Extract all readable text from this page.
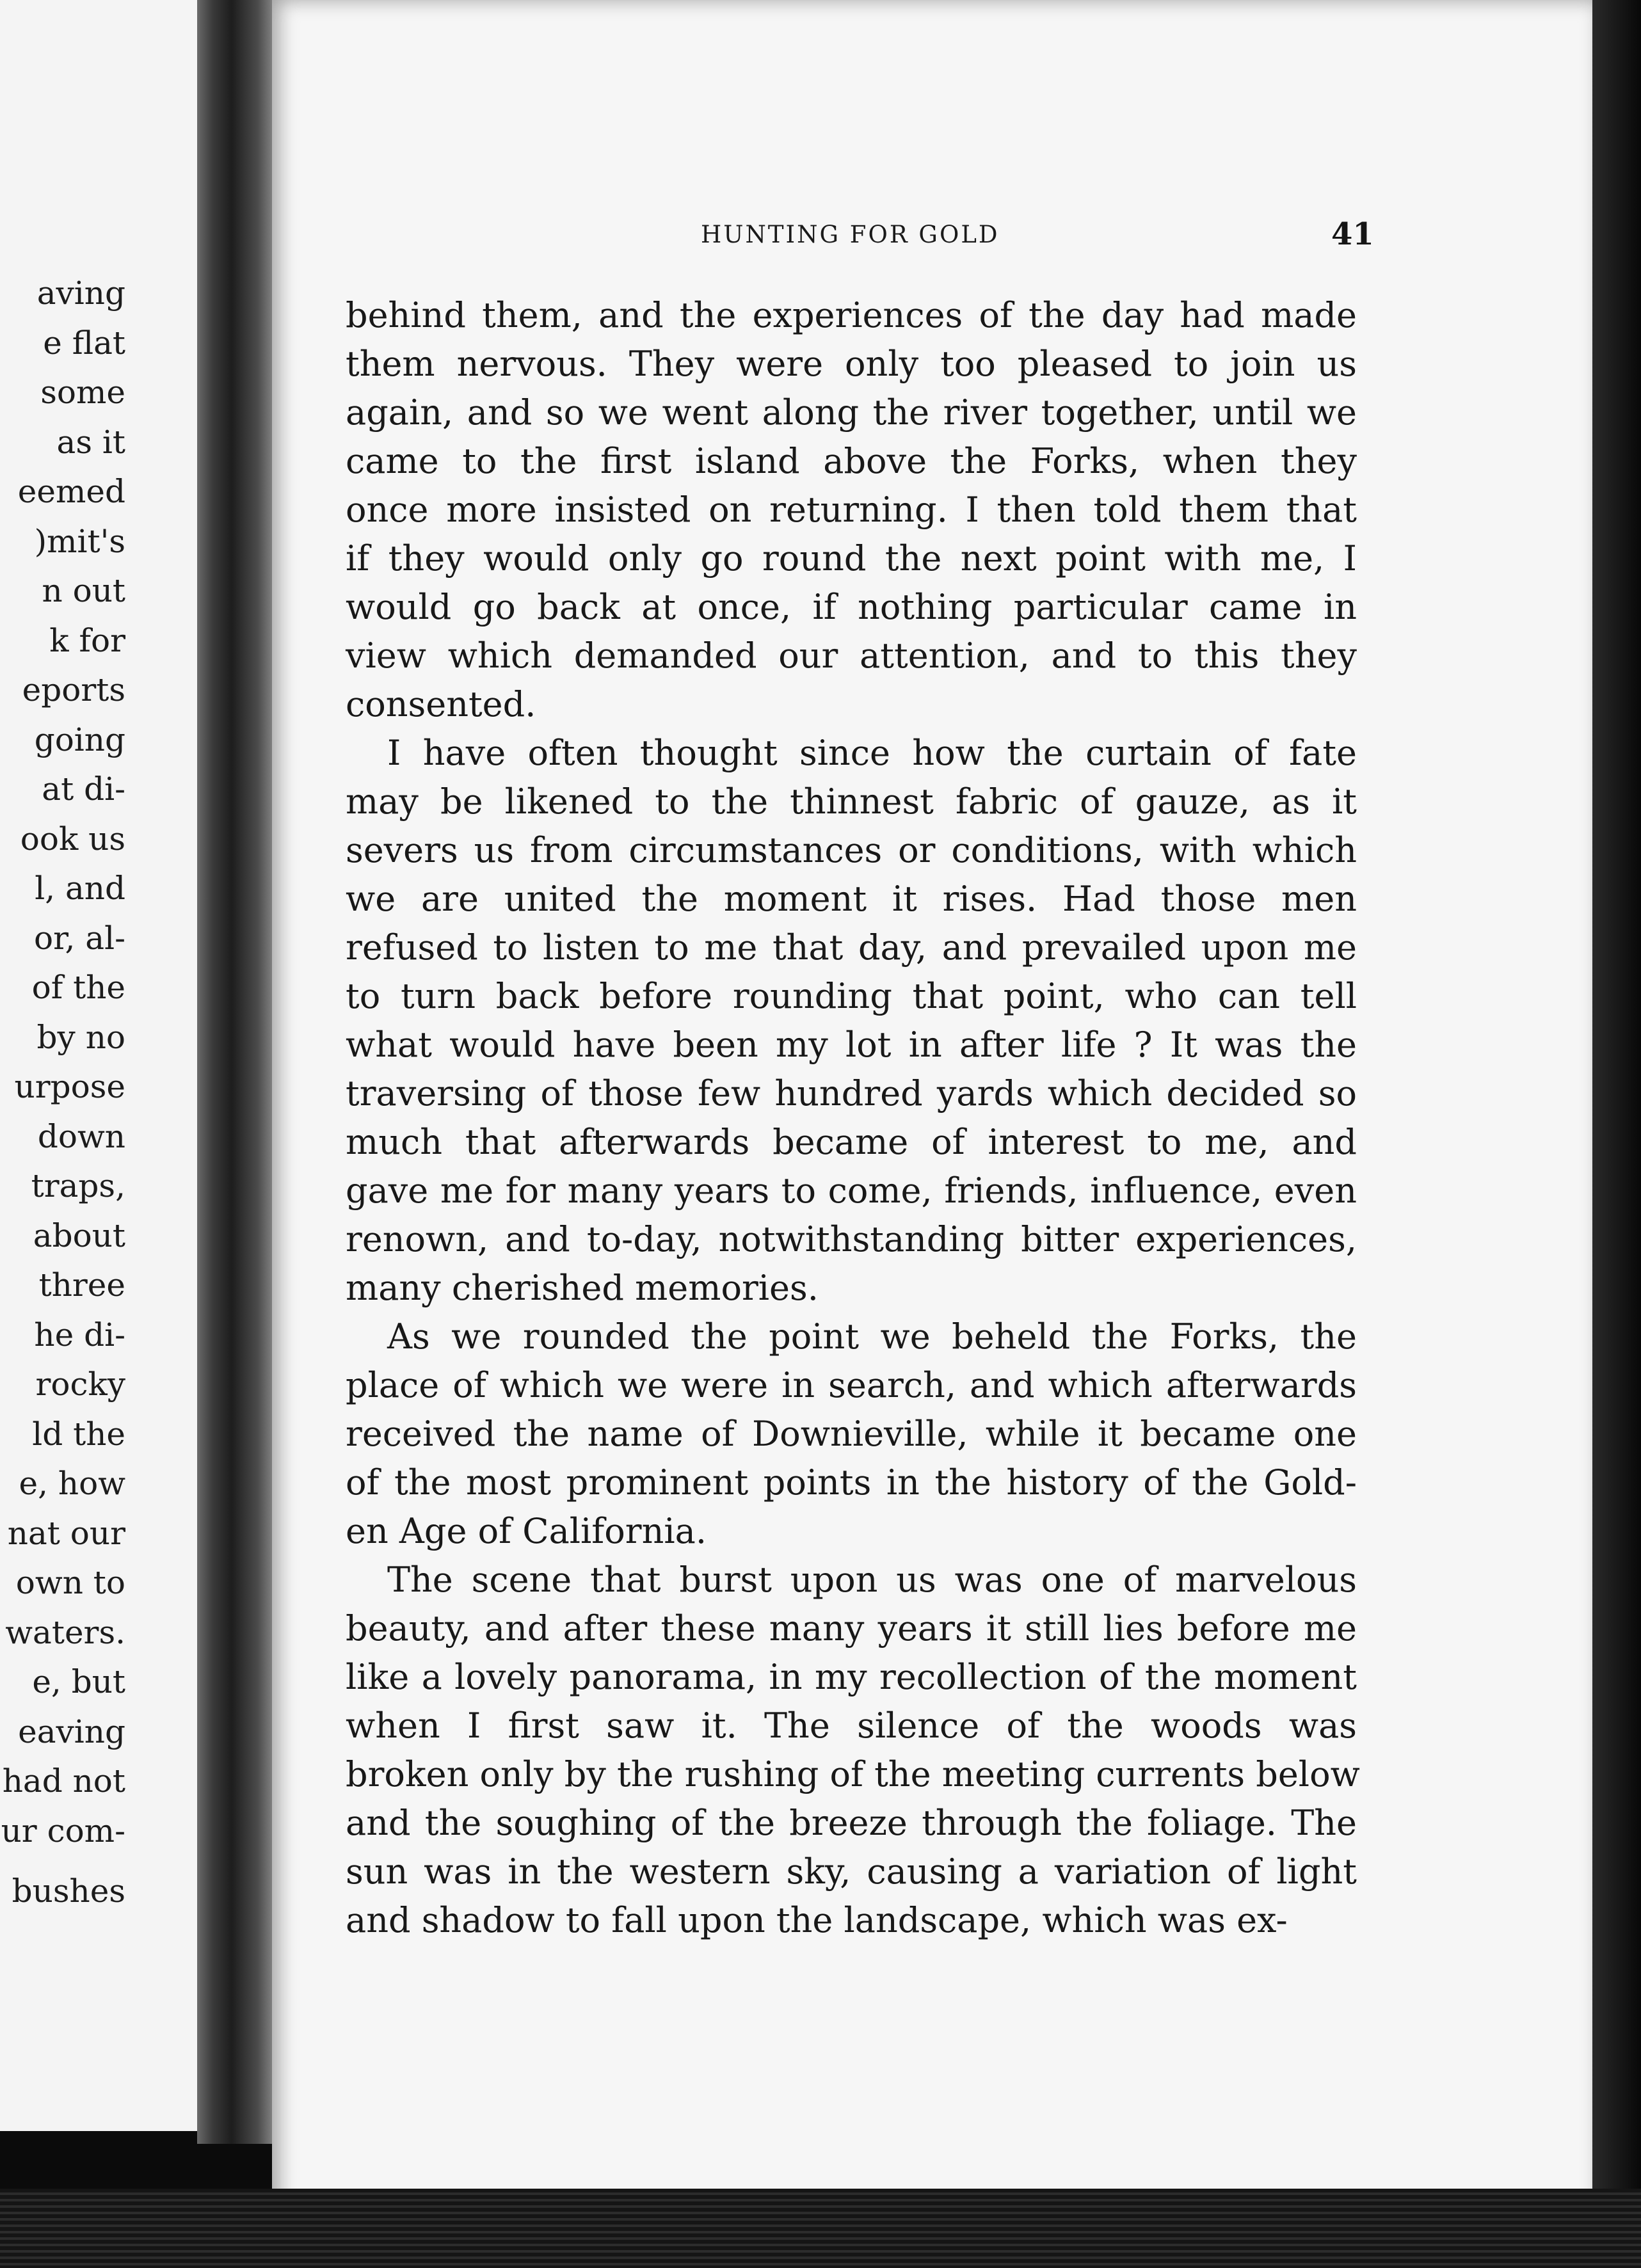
aving
e flat
some
as it
eemed
)mit's
n out
k for
eports
going
at di-
ook us
l, and
or, al-
of the
by no
urpose
down
traps,
about
three
he di-
rocky
ld the
e, how
nat our
own to
waters.
e, but
eaving
had not
ur com-
bushes
HUNTING FOR GOLD	41
behind them, and the experiences of the day had made
them nervous. They were only too pleased to join us
again, and so we went along the river together, until we
came to the first island above the Forks, when they
once more insisted on returning. I then told them that
if they would only go round the next point with me, I
would go back at once, if nothing particular came in
view which demanded our attention, and to this they
consented.
I have often thought since how the curtain of fate
may be likened to the thinnest fabric of gauze, as it
severs us from circumstances or conditions, with which
we are united the moment it rises. Had those men
refused to listen to me that day, and prevailed upon me
to turn back before rounding that point, who can tell
what would have been my lot in after life ? It was the
traversing of those few hundred yards which decided so
much that afterwards became of interest to me, and
gave me for many years to come, friends, influence, even
renown, and to-day, notwithstanding bitter experiences,
many cherished memories.
As we rounded the point we beheld the Forks, the
place of which we were in search, and which afterwards
received the name of Downieville, while it became one
of the most prominent points in the history of the Gold-
en Age of California.
The scene that burst upon us was one of marvelous
beauty, and after these many years it still lies before me
like a lovely panorama, in my recollection of the moment
when I first saw it. The silence of the woods was
broken only by the rushing of the meeting currents below
and the soughing of the breeze through the foliage. The
sun was in the western sky, causing a variation of light
and shadow to fall upon the landscape, which was ex-
